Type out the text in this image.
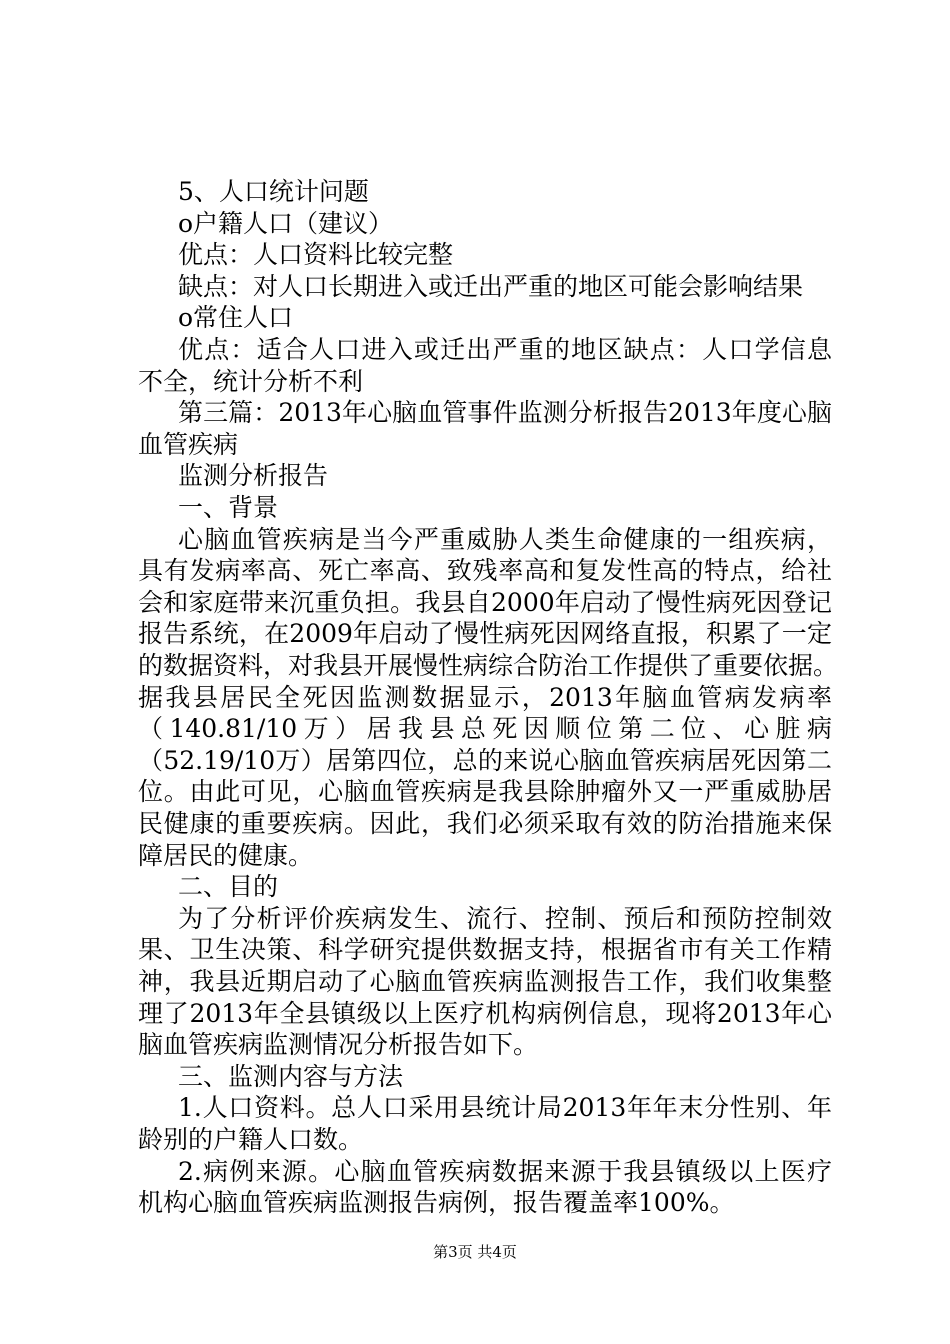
5、人口统计问题
o户籍人口（建议）
优点：人口资料比较完整
缺点：对人口长期进入或迁出严重的地区可能会影响结果
o常住人口
优点：适合人口进入或迁出严重的地区缺点：人口学信息
不全，统计分析不利
第三篇：2013年心脑血管事件监测分析报告2013年度心脑
血管疾病
监测分析报告
一、背景
心脑血管疾病是当今严重威胁人类生命健康的一组疾病，
具有发病率高、死亡率高、致残率高和复发性高的特点，给社
会和家庭带来沉重负担。我县自2000年启动了慢性病死因登记
报告系统，在2009年启动了慢性病死因网络直报，积累了一定
的数据资料，对我县开展慢性病综合防治工作提供了重要依据。
据我县居民全死因监测数据显示，2013年脑血管病发病率
（140.81/10万）居我县总死因顺位第二位、心脏病
（52.19/10万）居第四位，总的来说心脑血管疾病居死因第二
位。由此可见，心脑血管疾病是我县除肿瘤外又一严重威胁居
民健康的重要疾病。因此，我们必须采取有效的防治措施来保
障居民的健康。
二、目的
为了分析评价疾病发生、流行、控制、预后和预防控制效
果、卫生决策、科学研究提供数据支持，根据省市有关工作精
神，我县近期启动了心脑血管疾病监测报告工作，我们收集整
理了2013年全县镇级以上医疗机构病例信息，现将2013年心
脑血管疾病监测情况分析报告如下。
三、监测内容与方法
1.人口资料。总人口采用县统计局2013年年末分性别、年
龄别的户籍人口数。
2.病例来源。心脑血管疾病数据来源于我县镇级以上医疗
机构心脑血管疾病监测报告病例，报告覆盖率100%。
第3页 共4页
